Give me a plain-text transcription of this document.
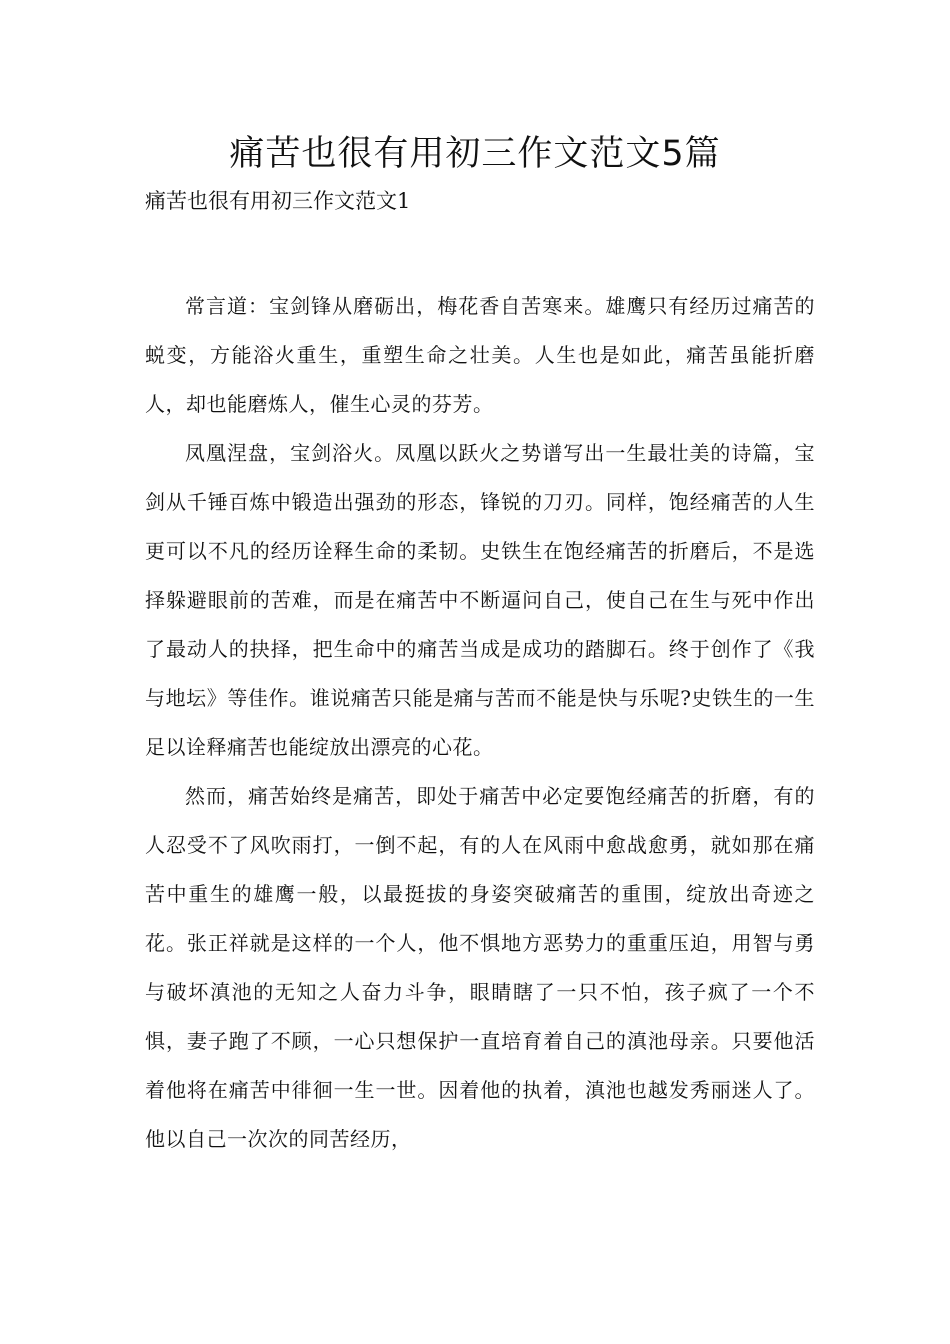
痛苦也很有用初三作文范文5篇
痛苦也很有用初三作文范文1

常言道：宝剑锋从磨砺出，梅花香自苦寒来。雄鹰只有经历过痛苦的蜕变，方能浴火重生，重塑生命之壮美。人生也是如此，痛苦虽能折磨人，却也能磨炼人，催生心灵的芬芳。

凤凰涅盘，宝剑浴火。凤凰以跃火之势谱写出一生最壮美的诗篇，宝剑从千锤百炼中锻造出强劲的形态，锋锐的刀刃。同样，饱经痛苦的人生更可以不凡的经历诠释生命的柔韧。史铁生在饱经痛苦的折磨后，不是选择躲避眼前的苦难，而是在痛苦中不断逼问自己，使自己在生与死中作出了最动人的抉择，把生命中的痛苦当成是成功的踏脚石。终于创作了《我与地坛》等佳作。谁说痛苦只能是痛与苦而不能是快与乐呢?史铁生的一生足以诠释痛苦也能绽放出漂亮的心花。

然而，痛苦始终是痛苦，即处于痛苦中必定要饱经痛苦的折磨，有的人忍受不了风吹雨打，一倒不起，有的人在风雨中愈战愈勇，就如那在痛苦中重生的雄鹰一般，以最挺拔的身姿突破痛苦的重围，绽放出奇迹之花。张正祥就是这样的一个人，他不惧地方恶势力的重重压迫，用智与勇与破坏滇池的无知之人奋力斗争，眼睛瞎了一只不怕，孩子疯了一个不惧，妻子跑了不顾，一心只想保护一直培育着自己的滇池母亲。只要他活着他将在痛苦中徘徊一生一世。因着他的执着，滇池也越发秀丽迷人了。他以自己一次次的同苦经历，
